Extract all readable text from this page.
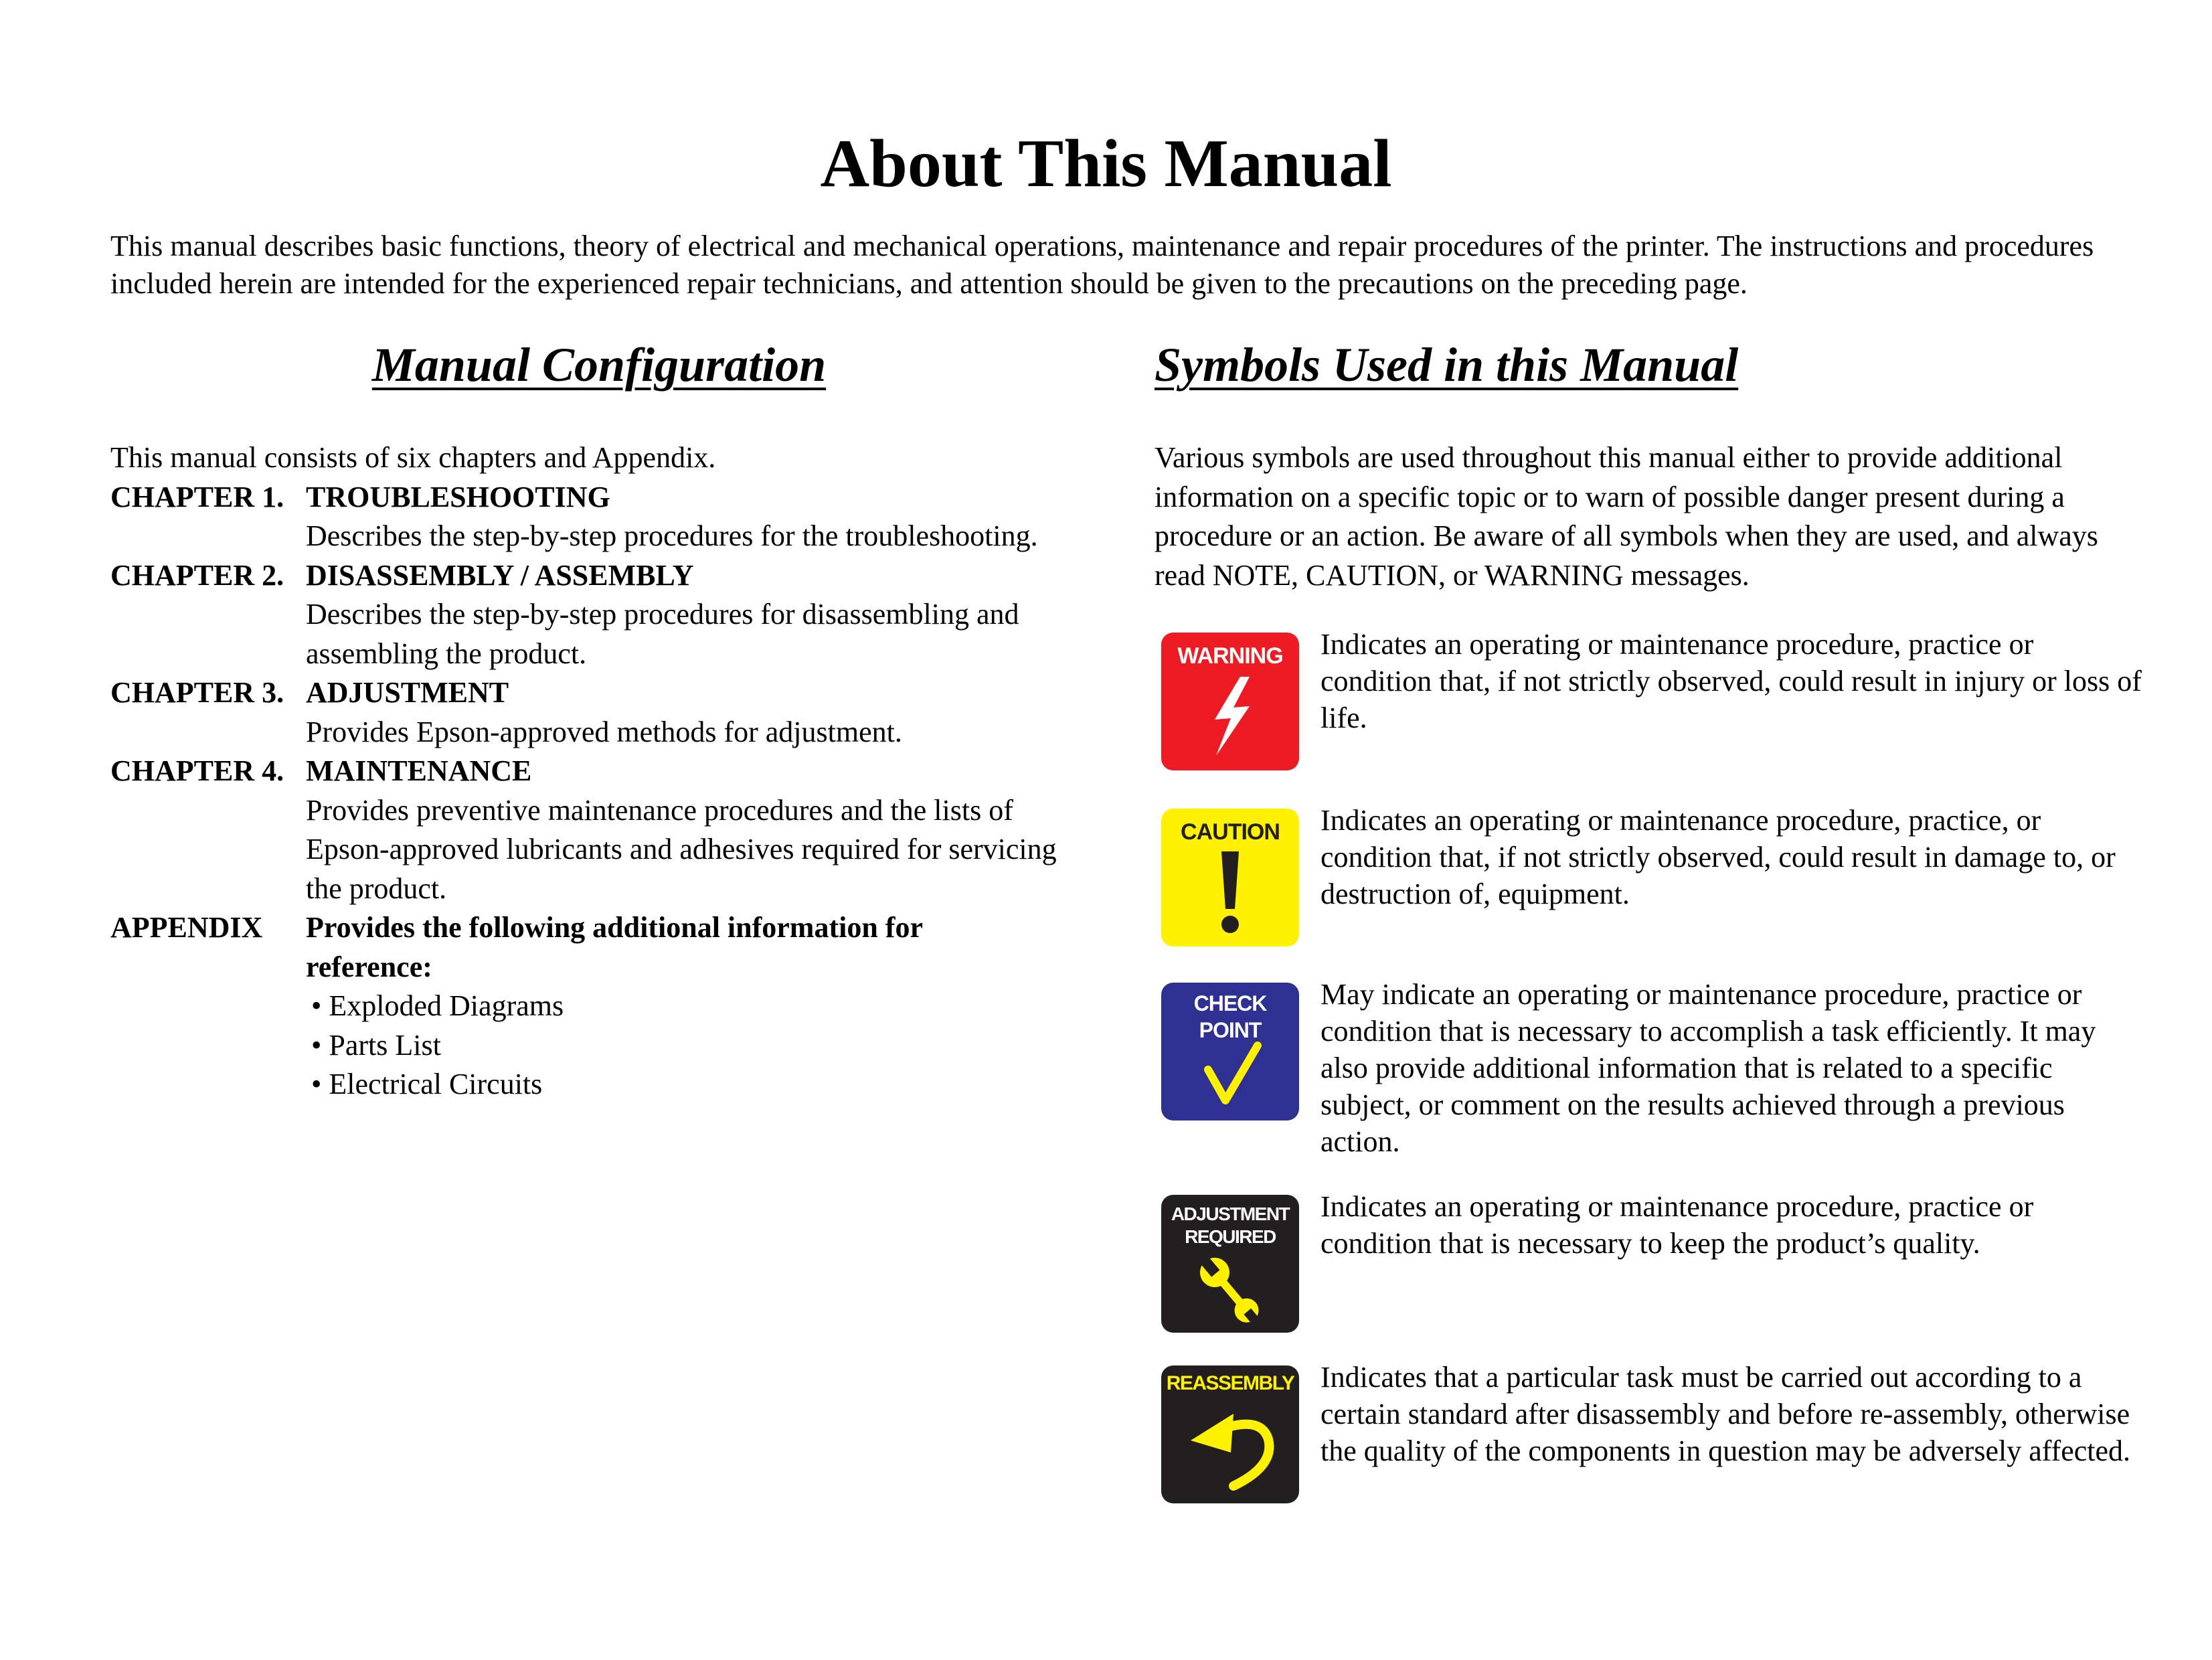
About This Manual

This manual describes basic functions, theory of electrical and mechanical operations, maintenance and repair procedures of the printer. The instructions and procedures included herein are intended for the experienced repair technicians, and attention should be given to the precautions on the preceding page.

Manual Configuration	Symbols Used in this Manual

This manual consists of six chapters and Appendix.

CHAPTER 1. TROUBLESHOOTING

Describes the step-by-step procedures for the troubleshooting.

CHAPTER 2. DISASSEMBLY / ASSEMBLY

Describes the step-by-step procedures for disassembling and assembling the product.

CHAPTER 3. ADJUSTMENT

Provides Epson-approved methods for adjustment.

CHAPTER 4. MAINTENANCE

Provides preventive maintenance procedures and the lists of Epson-approved lubricants and adhesives required for servicing the product.

APPENDIX	Provides the following additional information for reference:

• Exploded Diagrams

• Parts List

• Electrical Circuits

Various symbols are used throughout this manual either to provide additional information on a specific topic or to warn of possible danger present during a procedure or an action. Be aware of all symbols when they are used, and always read NOTE, CAUTION, or WARNING messages.

WARNING Indicates an operating or maintenance procedure, practice or condition that, if not strictly observed, could result in injury or loss of life.

CAUTION Indicates an operating or maintenance procedure, practice, or condition that, if not strictly observed, could result in damage to, or destruction of, equipment.

CHECK
POINT

May indicate an operating or maintenance procedure, practice or condition that is necessary to accomplish a task efficiently. It may also provide additional information that is related to a specific subject, or comment on the results achieved through a previous action.

ADJUSTMENT
REQUIRED

Indicates an operating or maintenance procedure, practice or condition that is necessary to keep the product’s quality.

REASSEMBLY Indicates that a particular task must be carried out according to a certain standard after disassembly and before re-assembly, otherwise the quality of the components in question may be adversely affected.
